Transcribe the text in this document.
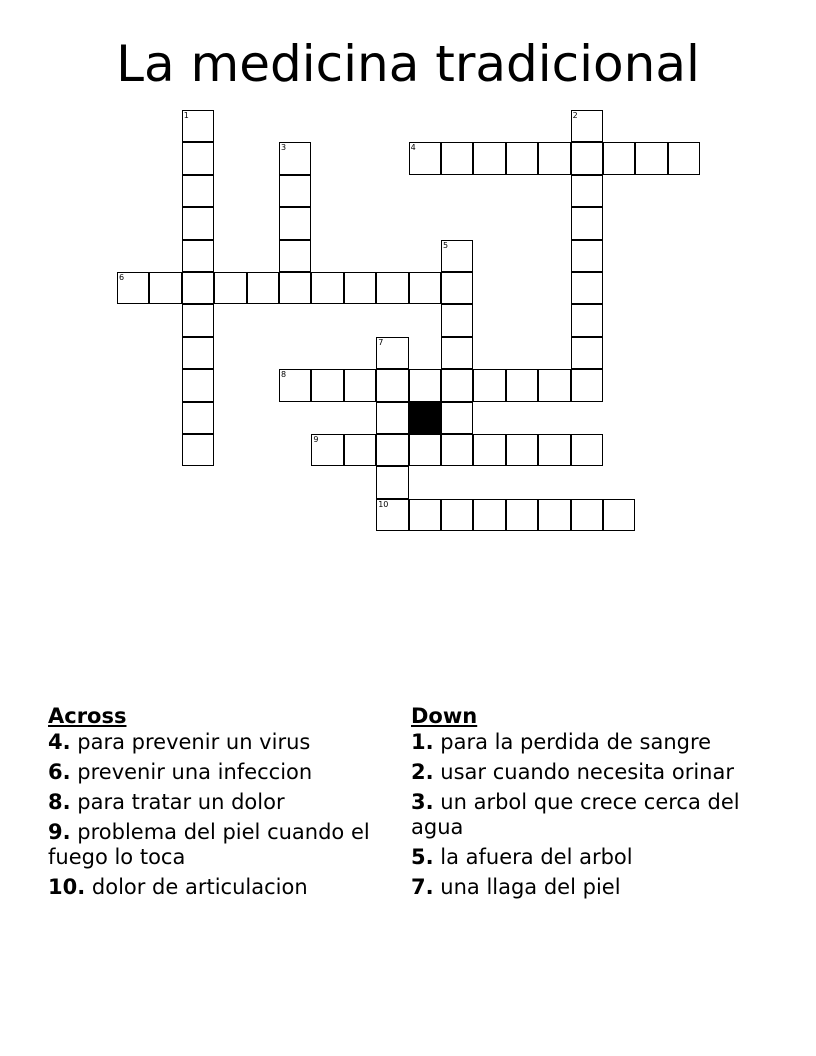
La medicina tradicional
1	2
3	4
5
6
7
10
8
9
Across
4. para prevenir un virus
6. prevenir una infeccion
8. para tratar un dolor
9. problema del piel cuando el fuego lo toca
10. dolor de articulacion
Down
1. para la perdida de sangre
2. usar cuando necesita orinar
3. un arbol que crece cerca del agua
5. la afuera del arbol
7. una llaga del piel
